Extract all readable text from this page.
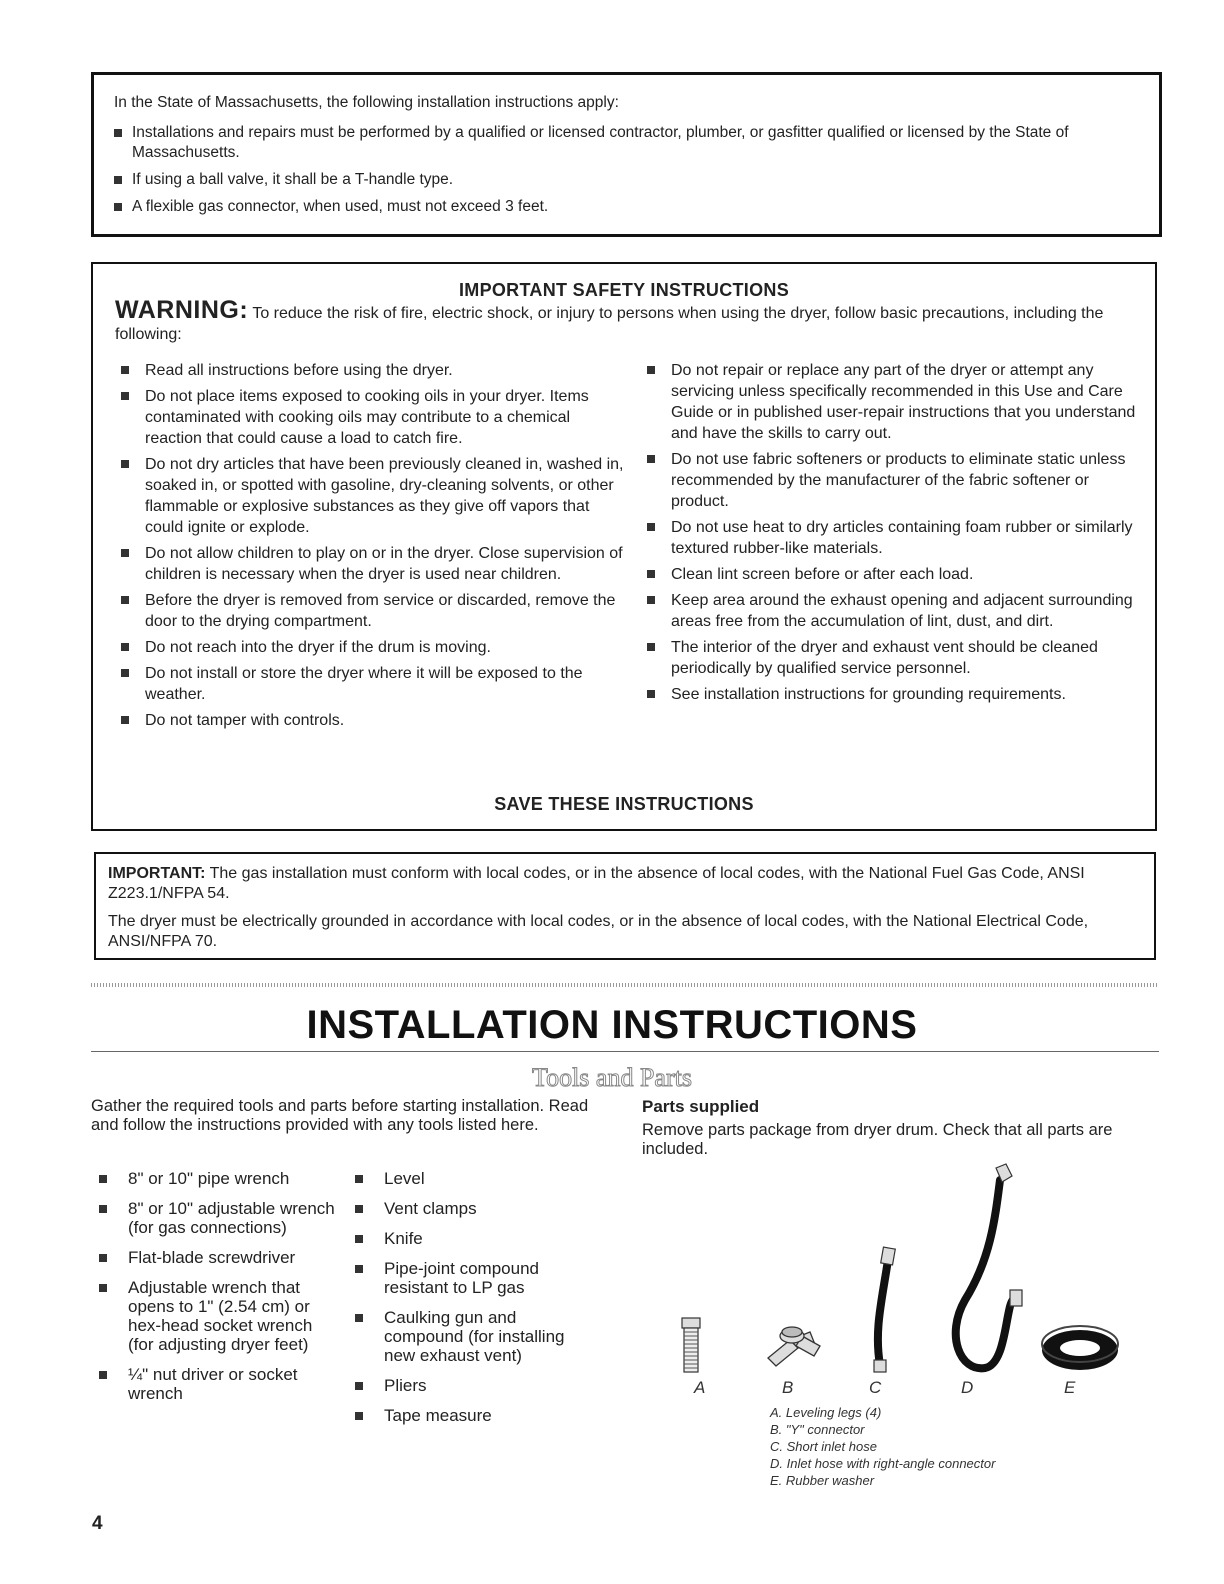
In the State of Massachusetts, the following installation instructions apply:

Installations and repairs must be performed by a qualified or licensed contractor, plumber, or gasfitter qualified or licensed by the State of Massachusetts.
If using a ball valve, it shall be a T-handle type.
A flexible gas connector, when used, must not exceed 3 feet.
IMPORTANT SAFETY INSTRUCTIONS
WARNING: To reduce the risk of fire, electric shock, or injury to persons when using the dryer, follow basic precautions, including the following:
Read all instructions before using the dryer.
Do not place items exposed to cooking oils in your dryer. Items contaminated with cooking oils may contribute to a chemical reaction that could cause a load to catch fire.
Do not dry articles that have been previously cleaned in, washed in, soaked in, or spotted with gasoline, dry-cleaning solvents, or other flammable or explosive substances as they give off vapors that could ignite or explode.
Do not allow children to play on or in the dryer. Close supervision of children is necessary when the dryer is used near children.
Before the dryer is removed from service or discarded, remove the door to the drying compartment.
Do not reach into the dryer if the drum is moving.
Do not install or store the dryer where it will be exposed to the weather.
Do not tamper with controls.
Do not repair or replace any part of the dryer or attempt any servicing unless specifically recommended in this Use and Care Guide or in published user-repair instructions that you understand and have the skills to carry out.
Do not use fabric softeners or products to eliminate static unless recommended by the manufacturer of the fabric softener or product.
Do not use heat to dry articles containing foam rubber or similarly textured rubber-like materials.
Clean lint screen before or after each load.
Keep area around the exhaust opening and adjacent surrounding areas free from the accumulation of lint, dust, and dirt.
The interior of the dryer and exhaust vent should be cleaned periodically by qualified service personnel.
See installation instructions for grounding requirements.
SAVE THESE INSTRUCTIONS

IMPORTANT: The gas installation must conform with local codes, or in the absence of local codes, with the National Fuel Gas Code, ANSI Z223.1/NFPA 54.

The dryer must be electrically grounded in accordance with local codes, or in the absence of local codes, with the National Electrical Code, ANSI/NFPA 70.

INSTALLATION INSTRUCTIONS
Tools and Parts
Gather the required tools and parts before starting installation. Read and follow the instructions provided with any tools listed here.
8" or 10" pipe wrench
8" or 10" adjustable wrench (for gas connections)
Flat-blade screwdriver
Adjustable wrench that opens to 1" (2.54 cm) or hex-head socket wrench (for adjusting dryer feet)
¼" nut driver or socket wrench
Level
Vent clamps
Knife
Pipe-joint compound resistant to LP gas
Caulking gun and compound (for installing new exhaust vent)
Pliers
Tape measure
Parts supplied
Remove parts package from dryer drum. Check that all parts are included.
A	B	C	D	E
A. Leveling legs (4)
B. "Y" connector
C. Short inlet hose
D. Inlet hose with right-angle connector
E. Rubber washer
4
